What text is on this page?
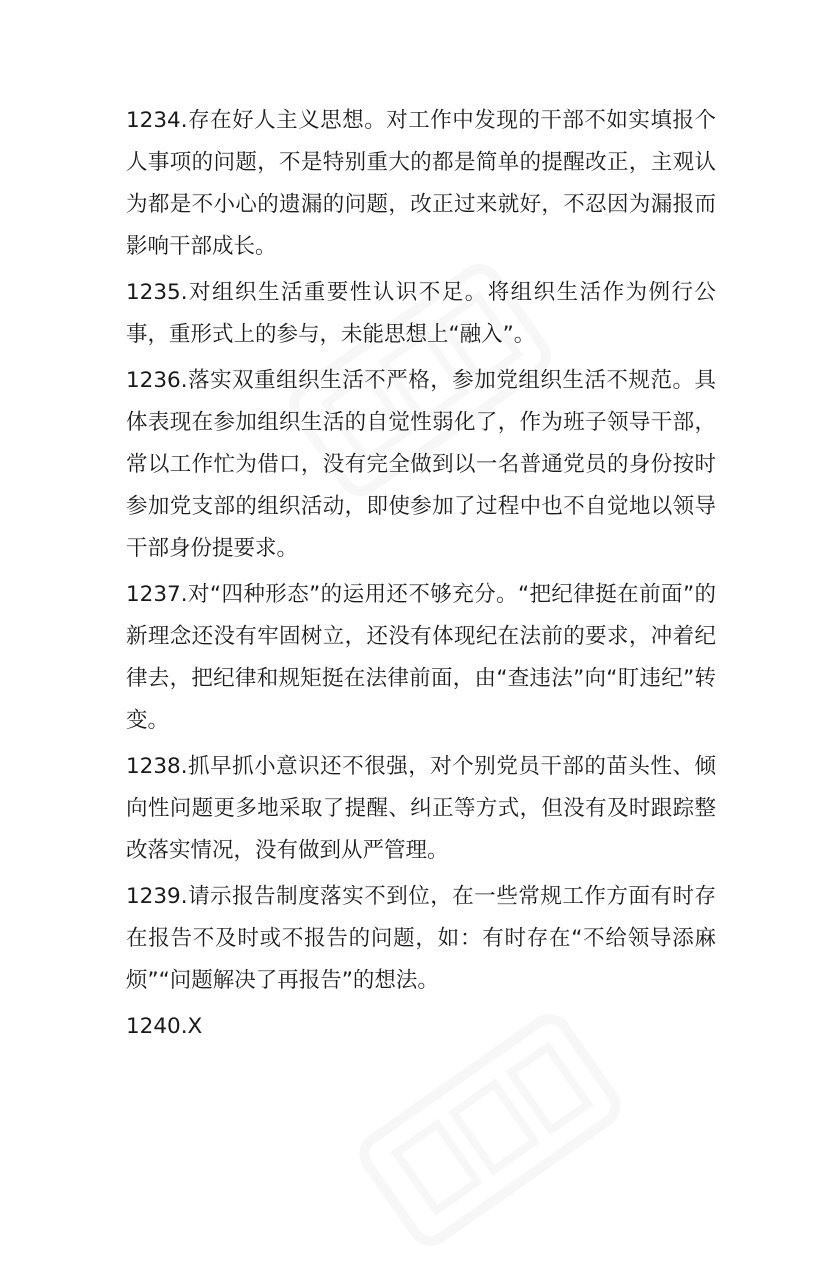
1234.存在好人主义思想。对工作中发现的干部不如实填报个人事项的问题，不是特别重大的都是简单的提醒改正，主观认为都是不小心的遗漏的问题，改正过来就好，不忍因为漏报而影响干部成长。

1235.对组织生活重要性认识不足。将组织生活作为例行公事，重形式上的参与，未能思想上“融入”。

1236.落实双重组织生活不严格，参加党组织生活不规范。具体表现在参加组织生活的自觉性弱化了，作为班子领导干部，常以工作忙为借口，没有完全做到以一名普通党员的身份按时参加党支部的组织活动，即使参加了过程中也不自觉地以领导干部身份提要求。

1237.对“四种形态”的运用还不够充分。“把纪律挺在前面”的新理念还没有牢固树立，还没有体现纪在法前的要求，冲着纪律去，把纪律和规矩挺在法律前面，由“查违法”向“盯违纪”转变。

1238.抓早抓小意识还不很强，对个别党员干部的苗头性、倾向性问题更多地采取了提醒、纠正等方式，但没有及时跟踪整改落实情况，没有做到从严管理。

1239.请示报告制度落实不到位，在一些常规工作方面有时存在报告不及时或不报告的问题，如：有时存在“不给领导添麻烦”“问题解决了再报告”的想法。

1240.X
